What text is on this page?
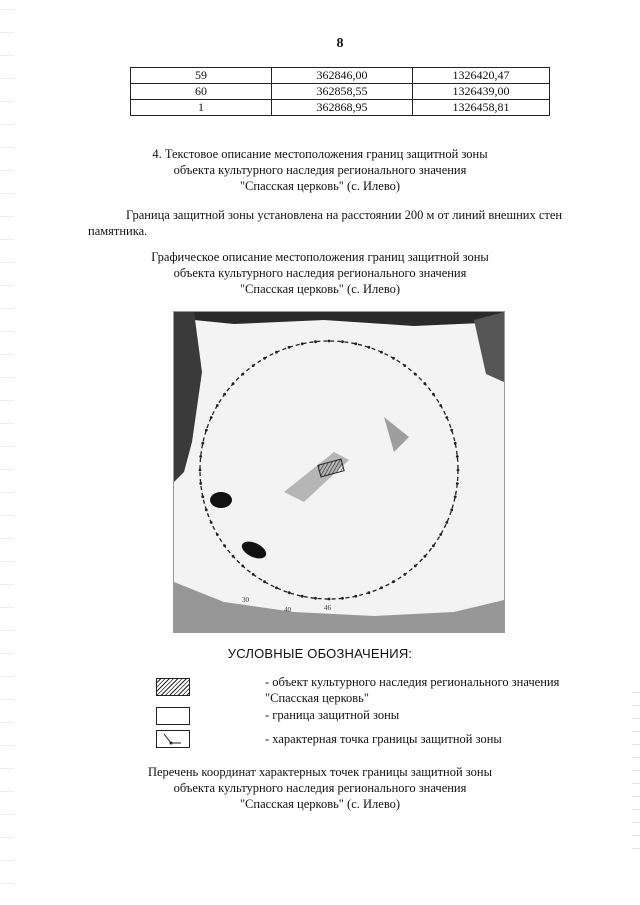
8
59	362846,00	1326420,47
60	362858,55	1326439,00
1	362868,95	1326458,81
4. Текстовое описание местоположения границ защитной зоны
объекта культурного наследия регионального значения
"Спасская церковь" (с. Илево)
Граница защитной зоны установлена на расстоянии 200 м от линий внешних стен памятника.
Графическое описание местоположения границ защитной зоны
объекта культурного наследия регионального значения
"Спасская церковь" (с. Илево)
30
40	46
УСЛОВНЫЕ ОБОЗНАЧЕНИЯ:
- объект культурного наследия регионального значения "Спасская церковь"
- граница защитной зоны
- характерная точка границы защитной зоны
Перечень координат характерных точек границы защитной зоны
объекта культурного наследия регионального значения
"Спасская церковь" (с. Илево)
